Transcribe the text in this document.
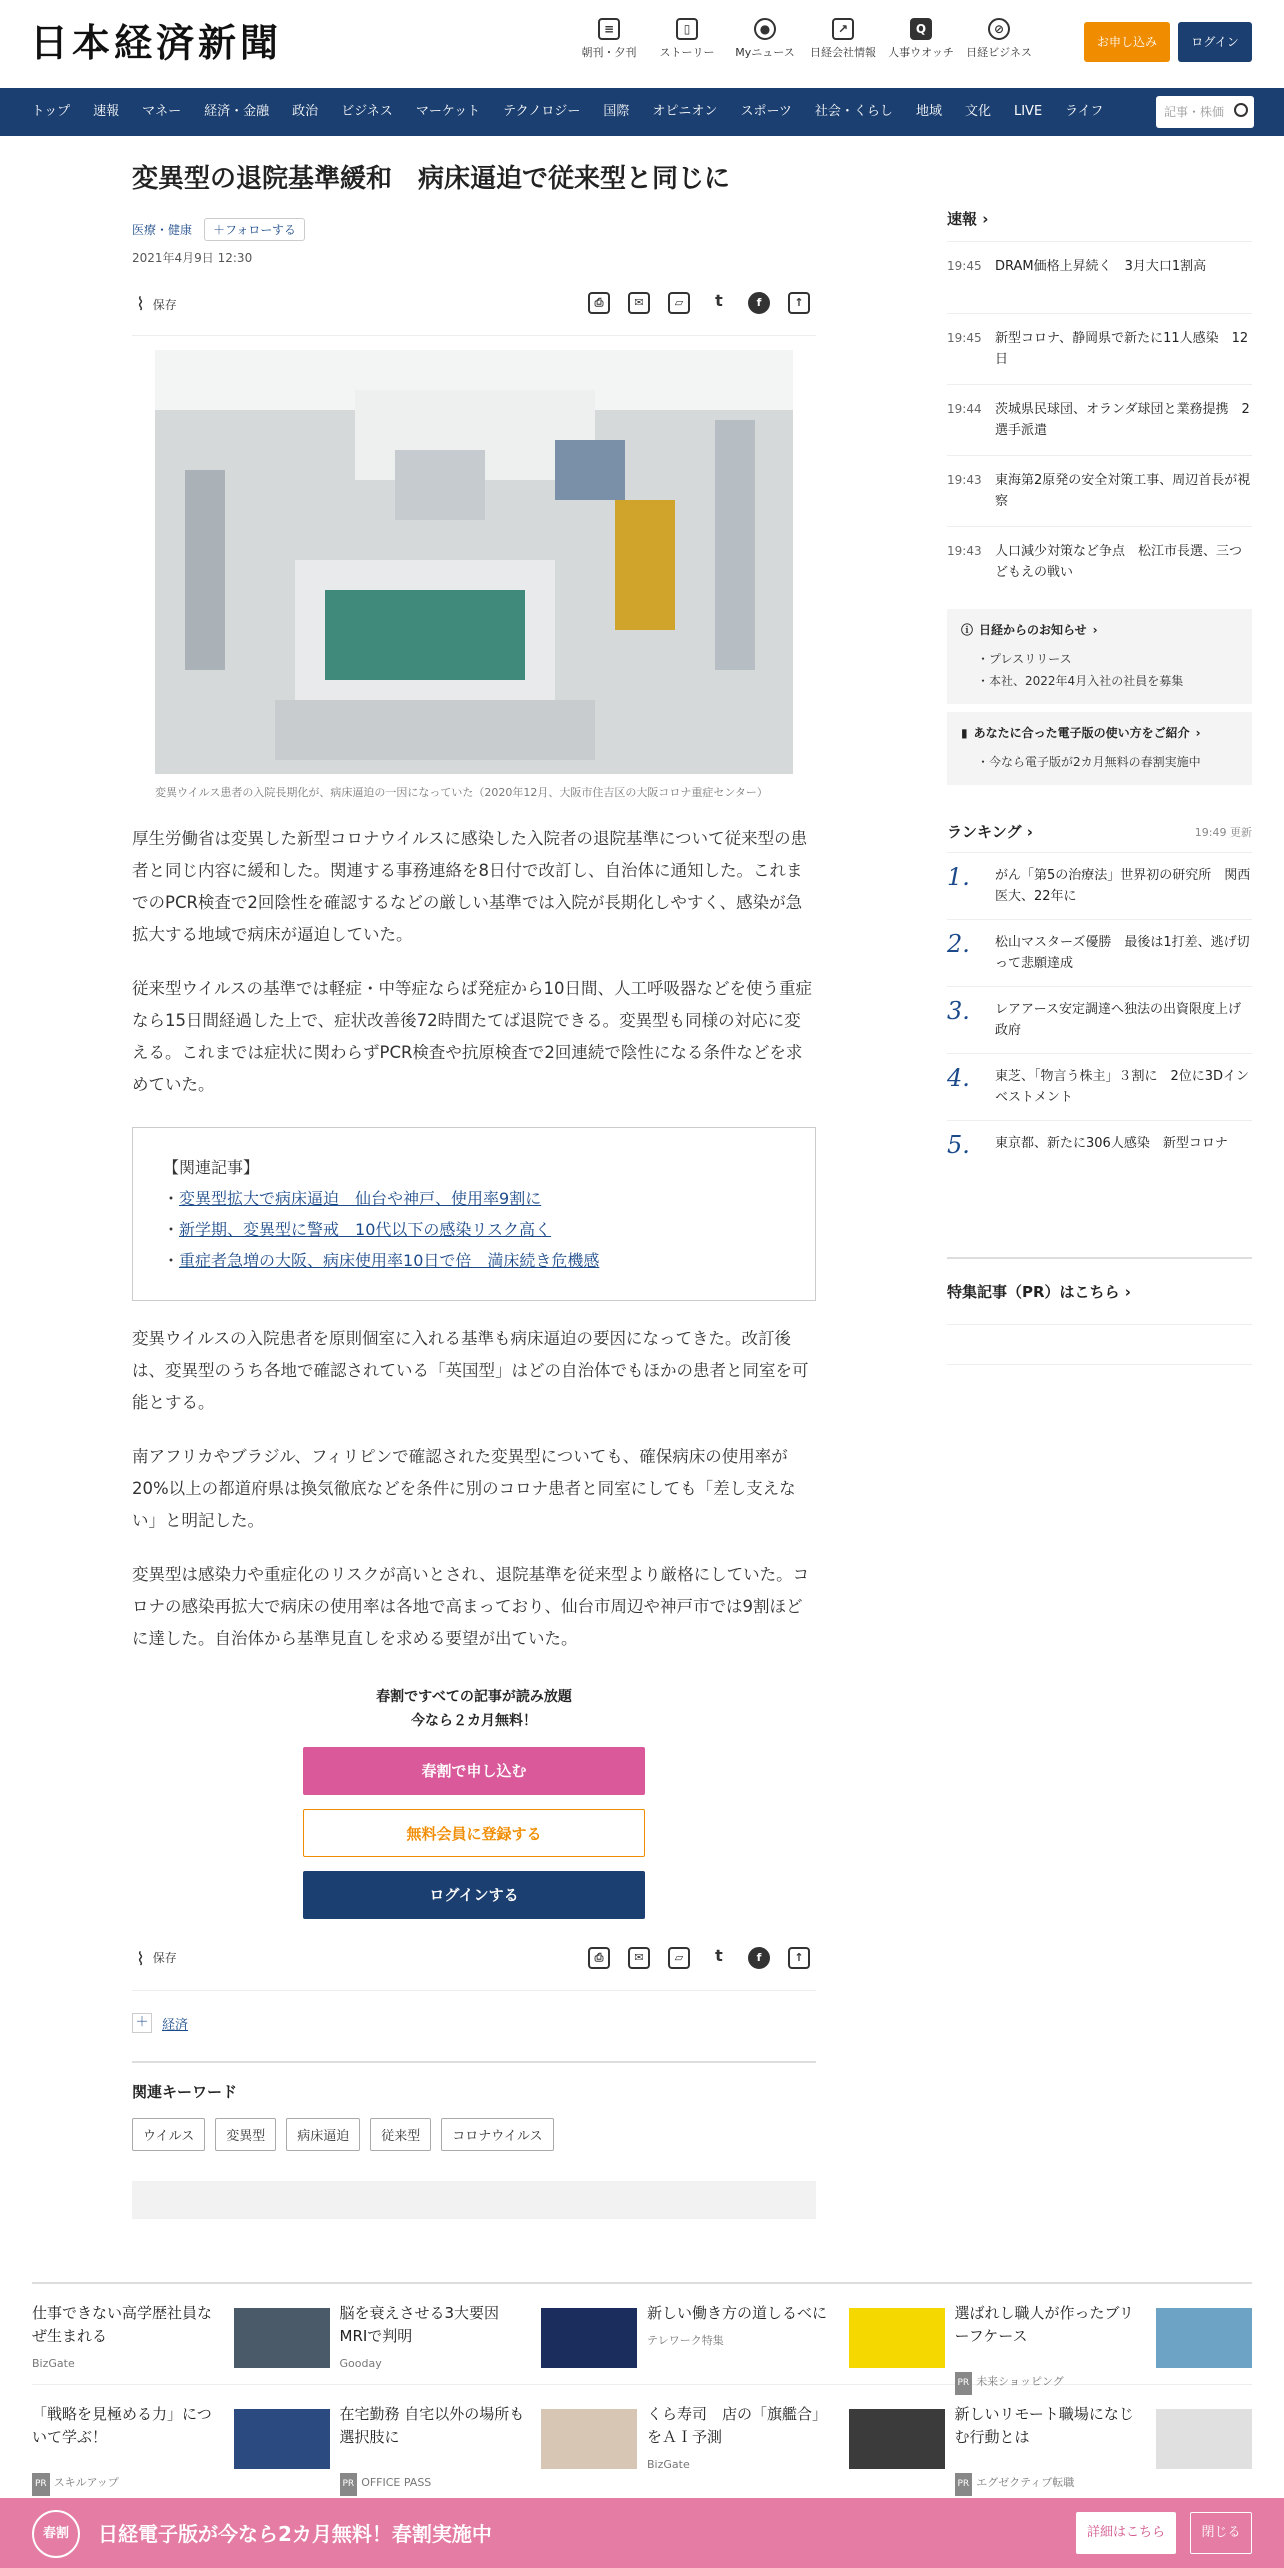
日本経済新聞	≡
朝刊・夕刊
▯
ストーリー
●
Myニュース
↗
日経会社情報
Q
人事ウオッチ
⊘
日経ビジネス
お申し込み	ログイン
トップ	速報	マネー	経済・金融	政治	ビジネス	マーケット	テクノロジー	国際	オピニオン	スポーツ	社会・くらし	地域	文化	LIVE	ライフ	記事・株価
変異型の退院基準緩和　病床逼迫で従来型と同じに
医療・健康	＋フォローする
2021年4月9日 12:30
⌇ 保存	⎙	✉	▱	t	f	↑
変異ウイルス患者の入院長期化が、病床逼迫の一因になっていた（2020年12月、大阪市住吉区の大阪コロナ重症センター）

厚生労働省は変異した新型コロナウイルスに感染した入院者の退院基準について従来型の患者と同じ内容に緩和した。関連する事務連絡を8日付で改訂し、自治体に通知した。これまでのPCR検査で2回陰性を確認するなどの厳しい基準では入院が長期化しやすく、感染が急拡大する地域で病床が逼迫していた。

従来型ウイルスの基準では軽症・中等症ならば発症から10日間、人工呼吸器などを使う重症なら15日間経過した上で、症状改善後72時間たてば退院できる。変異型も同様の対応に変える。これまでは症状に関わらずPCR検査や抗原検査で2回連続で陰性になる条件などを求めていた。

【関連記事】
・ 変異型拡大で病床逼迫　仙台や神戸、使用率9割に
・ 新学期、変異型に警戒　10代以下の感染リスク高く
・ 重症者急増の大阪、病床使用率10日で倍　満床続き危機感

変異ウイルスの入院患者を原則個室に入れる基準も病床逼迫の要因になってきた。改訂後は、変異型のうち各地で確認されている「英国型」はどの自治体でもほかの患者と同室を可能とする。

南アフリカやブラジル、フィリピンで確認された変異型についても、確保病床の使用率が20%以上の都道府県は換気徹底などを条件に別のコロナ患者と同室にしても「差し支えない」と明記した。

変異型は感染力や重症化のリスクが高いとされ、退院基準を従来型より厳格にしていた。コロナの感染再拡大で病床の使用率は各地で高まっており、仙台市周辺や神戸市では9割ほどに達した。自治体から基準見直しを求める要望が出ていた。

春割ですべての記事が読み放題
今なら２カ月無料！
春割で申し込む
無料会員に登録する
ログインする
⌇ 保存	⎙	✉	▱	t	f	↑
＋ 経済
関連キーワード
ウイルス	変異型	病床逼迫	従来型	コロナウイルス
速報 ›
19:45	DRAM価格上昇続く　3月大口1割高
19:45	新型コロナ、静岡県で新たに11人感染　12日
19:44	茨城県民球団、オランダ球団と業務提携　2選手派遣
19:43	東海第2原発の安全対策工事、周辺首長が視察
19:43	人口減少対策など争点　松江市長選、三つどもえの戦い
ⓘ 日経からのお知らせ ›
・プレスリリース
・本社、2022年4月入社の社員を募集
▮ あなたに合った電子版の使い方をご紹介 ›
・今なら電子版が2カ月無料の春割実施中
ランキング ›	19:49 更新
1.	がん「第5の治療法」世界初の研究所　関西医大、22年に
2.	松山マスターズ優勝　最後は1打差、逃げ切って悲願達成
3.	レアアース安定調達へ独法の出資限度上げ　政府
4.	東芝、「物言う株主」３割に　2位に3Dインベストメント
5.	東京都、新たに306人感染　新型コロナ
特集記事（PR）はこちら ›
仕事できない高学歴社員なぜ生まれる
BizGate
脳を衰えさせる3大要因　MRIで判明
Gooday
新しい働き方の道しるべに
テレワーク特集
選ばれし職人が作ったブリーフケース
PR 未来ショッピング
「戦略を見極める力」について学ぶ！
PR スキルアップ
在宅勤務 自宅以外の場所も選択肢に
PR OFFICE PASS
くら寿司　店の「旗艦合」をＡＩ予測
BizGate
新しいリモート職場になじむ行動とは
PR エグゼクティブ転職
春割	日経電子版が今なら2カ月無料！春割実施中	詳細はこちら	閉じる
